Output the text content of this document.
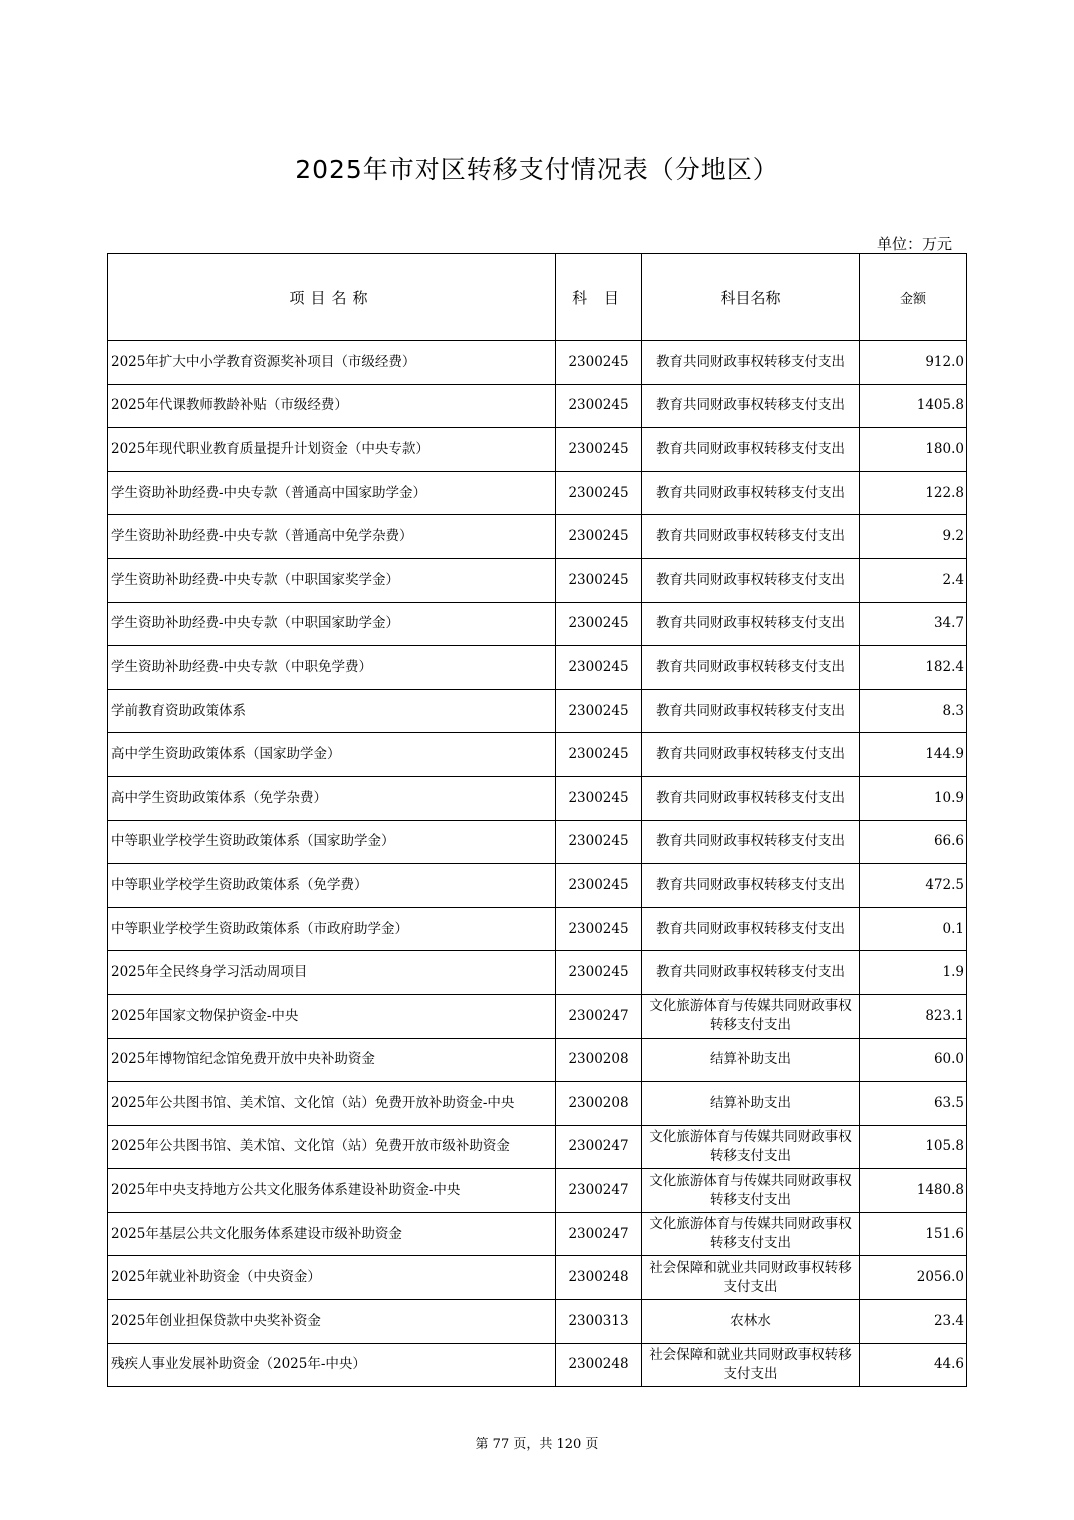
2025年市对区转移支付情况表（分地区）
单位：万元
项目名称	科 目	科目名称	金额
2025年扩大中小学教育资源奖补项目（市级经费）	2300245	教育共同财政事权转移支付支出	912.0
2025年代课教师教龄补贴（市级经费）	2300245	教育共同财政事权转移支付支出	1405.8
2025年现代职业教育质量提升计划资金（中央专款）	2300245	教育共同财政事权转移支付支出	180.0
学生资助补助经费-中央专款（普通高中国家助学金）	2300245	教育共同财政事权转移支付支出	122.8
学生资助补助经费-中央专款（普通高中免学杂费）	2300245	教育共同财政事权转移支付支出	9.2
学生资助补助经费-中央专款（中职国家奖学金）	2300245	教育共同财政事权转移支付支出	2.4
学生资助补助经费-中央专款（中职国家助学金）	2300245	教育共同财政事权转移支付支出	34.7
学生资助补助经费-中央专款（中职免学费）	2300245	教育共同财政事权转移支付支出	182.4
学前教育资助政策体系	2300245	教育共同财政事权转移支付支出	8.3
高中学生资助政策体系（国家助学金）	2300245	教育共同财政事权转移支付支出	144.9
高中学生资助政策体系（免学杂费）	2300245	教育共同财政事权转移支付支出	10.9
中等职业学校学生资助政策体系（国家助学金）	2300245	教育共同财政事权转移支付支出	66.6
中等职业学校学生资助政策体系（免学费）	2300245	教育共同财政事权转移支付支出	472.5
中等职业学校学生资助政策体系（市政府助学金）	2300245	教育共同财政事权转移支付支出	0.1
2025年全民终身学习活动周项目	2300245	教育共同财政事权转移支付支出	1.9
2025年国家文物保护资金-中央	2300247	文化旅游体育与传媒共同财政事权转移支付支出	823.1
2025年博物馆纪念馆免费开放中央补助资金	2300208	结算补助支出	60.0
2025年公共图书馆、美术馆、文化馆（站）免费开放补助资金-中央	2300208	结算补助支出	63.5
2025年公共图书馆、美术馆、文化馆（站）免费开放市级补助资金	2300247	文化旅游体育与传媒共同财政事权转移支付支出	105.8
2025年中央支持地方公共文化服务体系建设补助资金-中央	2300247	文化旅游体育与传媒共同财政事权转移支付支出	1480.8
2025年基层公共文化服务体系建设市级补助资金	2300247	文化旅游体育与传媒共同财政事权转移支付支出	151.6
2025年就业补助资金（中央资金）	2300248	社会保障和就业共同财政事权转移支付支出	2056.0
2025年创业担保贷款中央奖补资金	2300313	农林水	23.4
残疾人事业发展补助资金（2025年-中央）	2300248	社会保障和就业共同财政事权转移支付支出	44.6
第 77 页，共 120 页
